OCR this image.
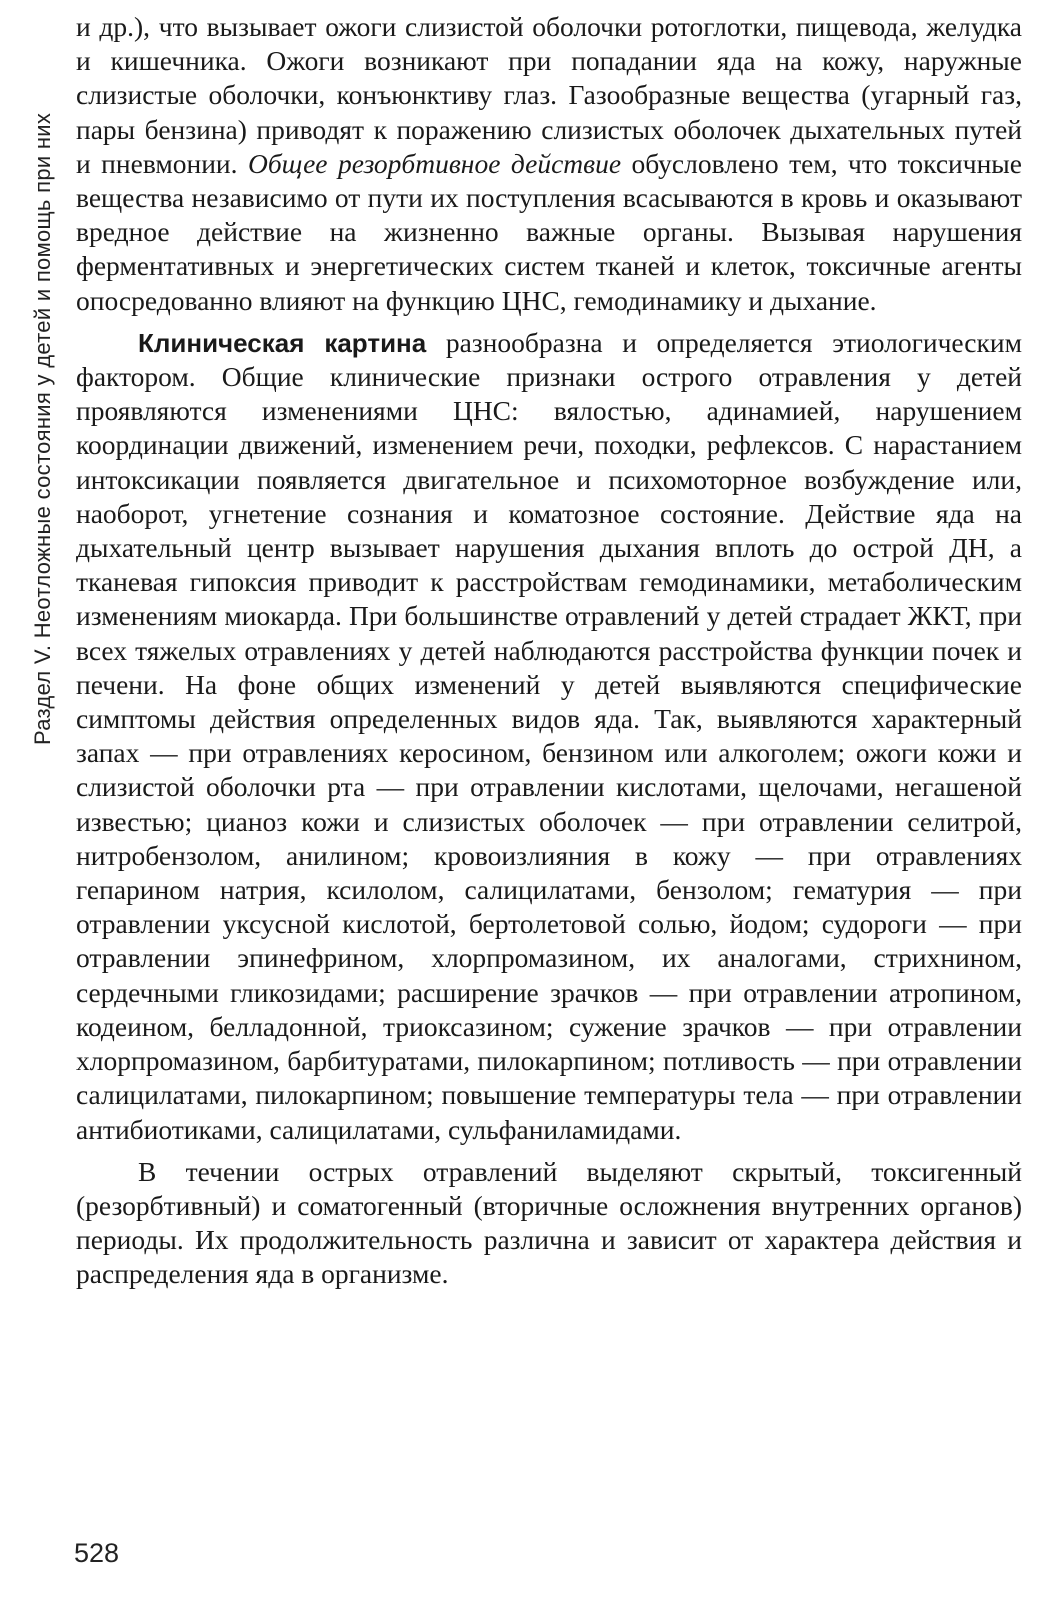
Раздел V. Неотложные состояния у детей и помощь при них

и др.), что вызывает ожоги слизистой оболочки ротоглотки, пищевода, желудка и кишечника. Ожоги возникают при попадании яда на кожу, наружные слизистые оболочки, конъюнктиву глаз. Газообразные вещества (угарный газ, пары бензина) приводят к поражению слизистых оболочек дыхательных путей и пневмонии. Общее резорбтивное действие обусловлено тем, что токсичные вещества независимо от пути их поступления всасываются в кровь и оказывают вредное действие на жизненно важные органы. Вызывая нарушения ферментативных и энергетических систем тканей и клеток, токсичные агенты опосредованно влияют на функцию ЦНС, гемодинамику и дыхание.

Клиническая картина разнообразна и определяется этиологическим фактором. Общие клинические признаки острого отравления у детей проявляются изменениями ЦНС: вялостью, адинамией, нарушением координации движений, изменением речи, походки, рефлексов. С нарастанием интоксикации появляется двигательное и психомоторное возбуждение или, наоборот, угнетение сознания и коматозное состояние. Действие яда на дыхательный центр вызывает нарушения дыхания вплоть до острой ДН, а тканевая гипоксия приводит к расстройствам гемодинамики, метаболическим изменениям миокарда. При большинстве отравлений у детей страдает ЖКТ, при всех тяжелых отравлениях у детей наблюдаются расстройства функции почек и печени. На фоне общих изменений у детей выявляются специфические симптомы действия определенных видов яда. Так, выявляются характерный запах — при отравлениях керосином, бензином или алкоголем; ожоги кожи и слизистой оболочки рта — при отравлении кислотами, щелочами, негашеной известью; цианоз кожи и слизистых оболочек — при отравлении селитрой, нитробензолом, анилином; кровоизлияния в кожу — при отравлениях гепарином натрия, ксилолом, салицилатами, бензолом; гематурия — при отравлении уксусной кислотой, бертолетовой солью, йодом; судороги — при отравлении эпинефрином, хлорпромазином, их аналогами, стрихнином, сердечными гликозидами; расширение зрачков — при отравлении атропином, кодеином, белладонной, триоксазином; сужение зрачков — при отравлении хлорпромазином, барбитуратами, пилокарпином; потливость — при отравлении салицилатами, пилокарпином; повышение температуры тела — при отравлении антибиотиками, салицилатами, сульфаниламидами.

В течении острых отравлений выделяют скрытый, токсигенный (резорбтивный) и соматогенный (вторичные осложнения внутренних органов) периоды. Их продолжительность различна и зависит от характера действия и распределения яда в организме.

528
